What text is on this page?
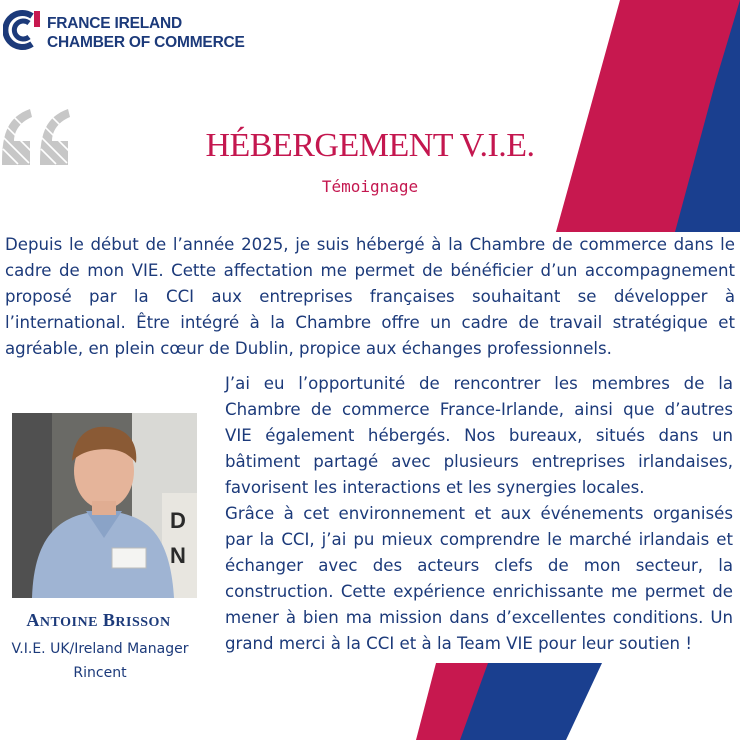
FRANCE IRELAND
CHAMBER OF COMMERCE
HÉBERGEMENT V.I.E.
Témoignage

Depuis le début de l’année 2025, je suis hébergé à la Chambre de commerce dans le cadre de mon VIE. Cette affectation me permet de bénéficier d’un accompagnement proposé par la CCI aux entreprises françaises souhaitant se développer à l’international. Être intégré à la Chambre offre un cadre de travail stratégique et agréable, en plein cœur de Dublin, propice aux échanges professionnels.

J’ai eu l’opportunité de rencontrer les membres de la Chambre de commerce France-Irlande, ainsi que d’autres VIE également hébergés. Nos bureaux, situés dans un bâtiment partagé avec plusieurs entreprises irlandaises, favorisent les interactions et les synergies locales.

Grâce à cet environnement et aux événements organisés par la CCI, j’ai pu mieux comprendre le marché irlandais et échanger avec des acteurs clefs de mon secteur, la construction. Cette expérience enrichissante me permet de mener à bien ma mission dans d’excellentes conditions. Un grand merci à la CCI et à la Team VIE pour leur soutien !

D
N
ANTOINE BRISSON
V.I.E. UK/Ireland Manager
Rincent
